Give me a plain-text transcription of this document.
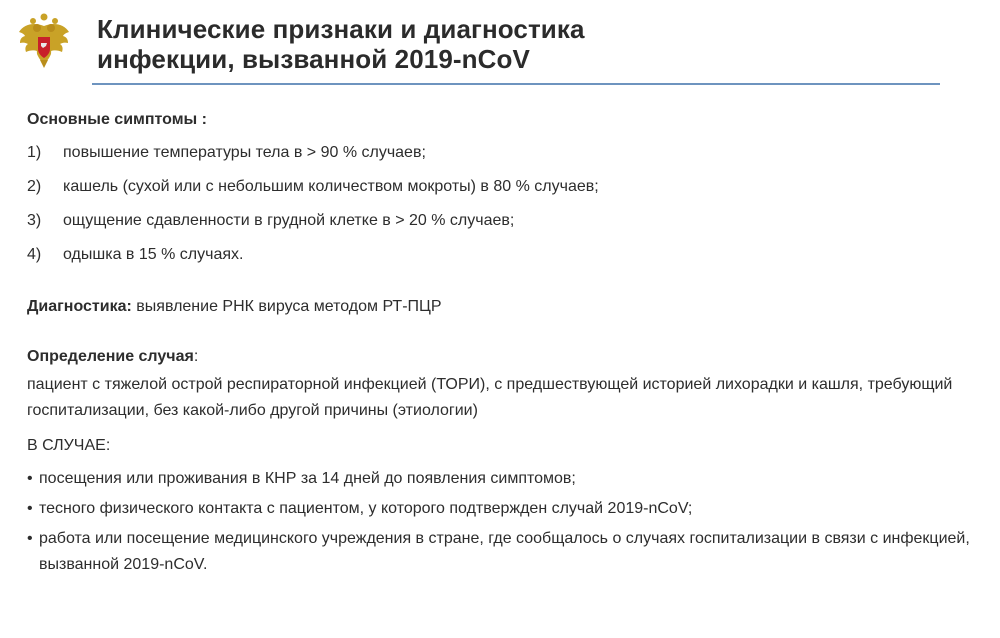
Клинические признаки и диагностика
инфекции, вызванной 2019-nCoV

Основные симптомы :

1)	повышение температуры тела в > 90 % случаев;
2)	кашель (сухой или с небольшим количеством мокроты) в 80 % случаев;
3)	ощущение сдавленности в грудной клетке в > 20 % случаев;
4)	одышка в 15 % случаях.
Диагностика: выявление РНК вируса методом РТ-ПЦР
Определение случая:

пациент с тяжелой острой респираторной инфекцией (ТОРИ), с предшествующей историей лихорадки и кашля, требующий госпитализации, без какой-либо другой причины (этиологии)

В СЛУЧАЕ:
• посещения или проживания в КНР за 14 дней до появления симптомов;
• тесного физического контакта с пациентом, у которого подтвержден случай 2019-nCoV;
• работа или посещение медицинского учреждения в стране, где сообщалось о случаях госпитализации в связи с инфекцией, вызванной 2019-nCoV.
